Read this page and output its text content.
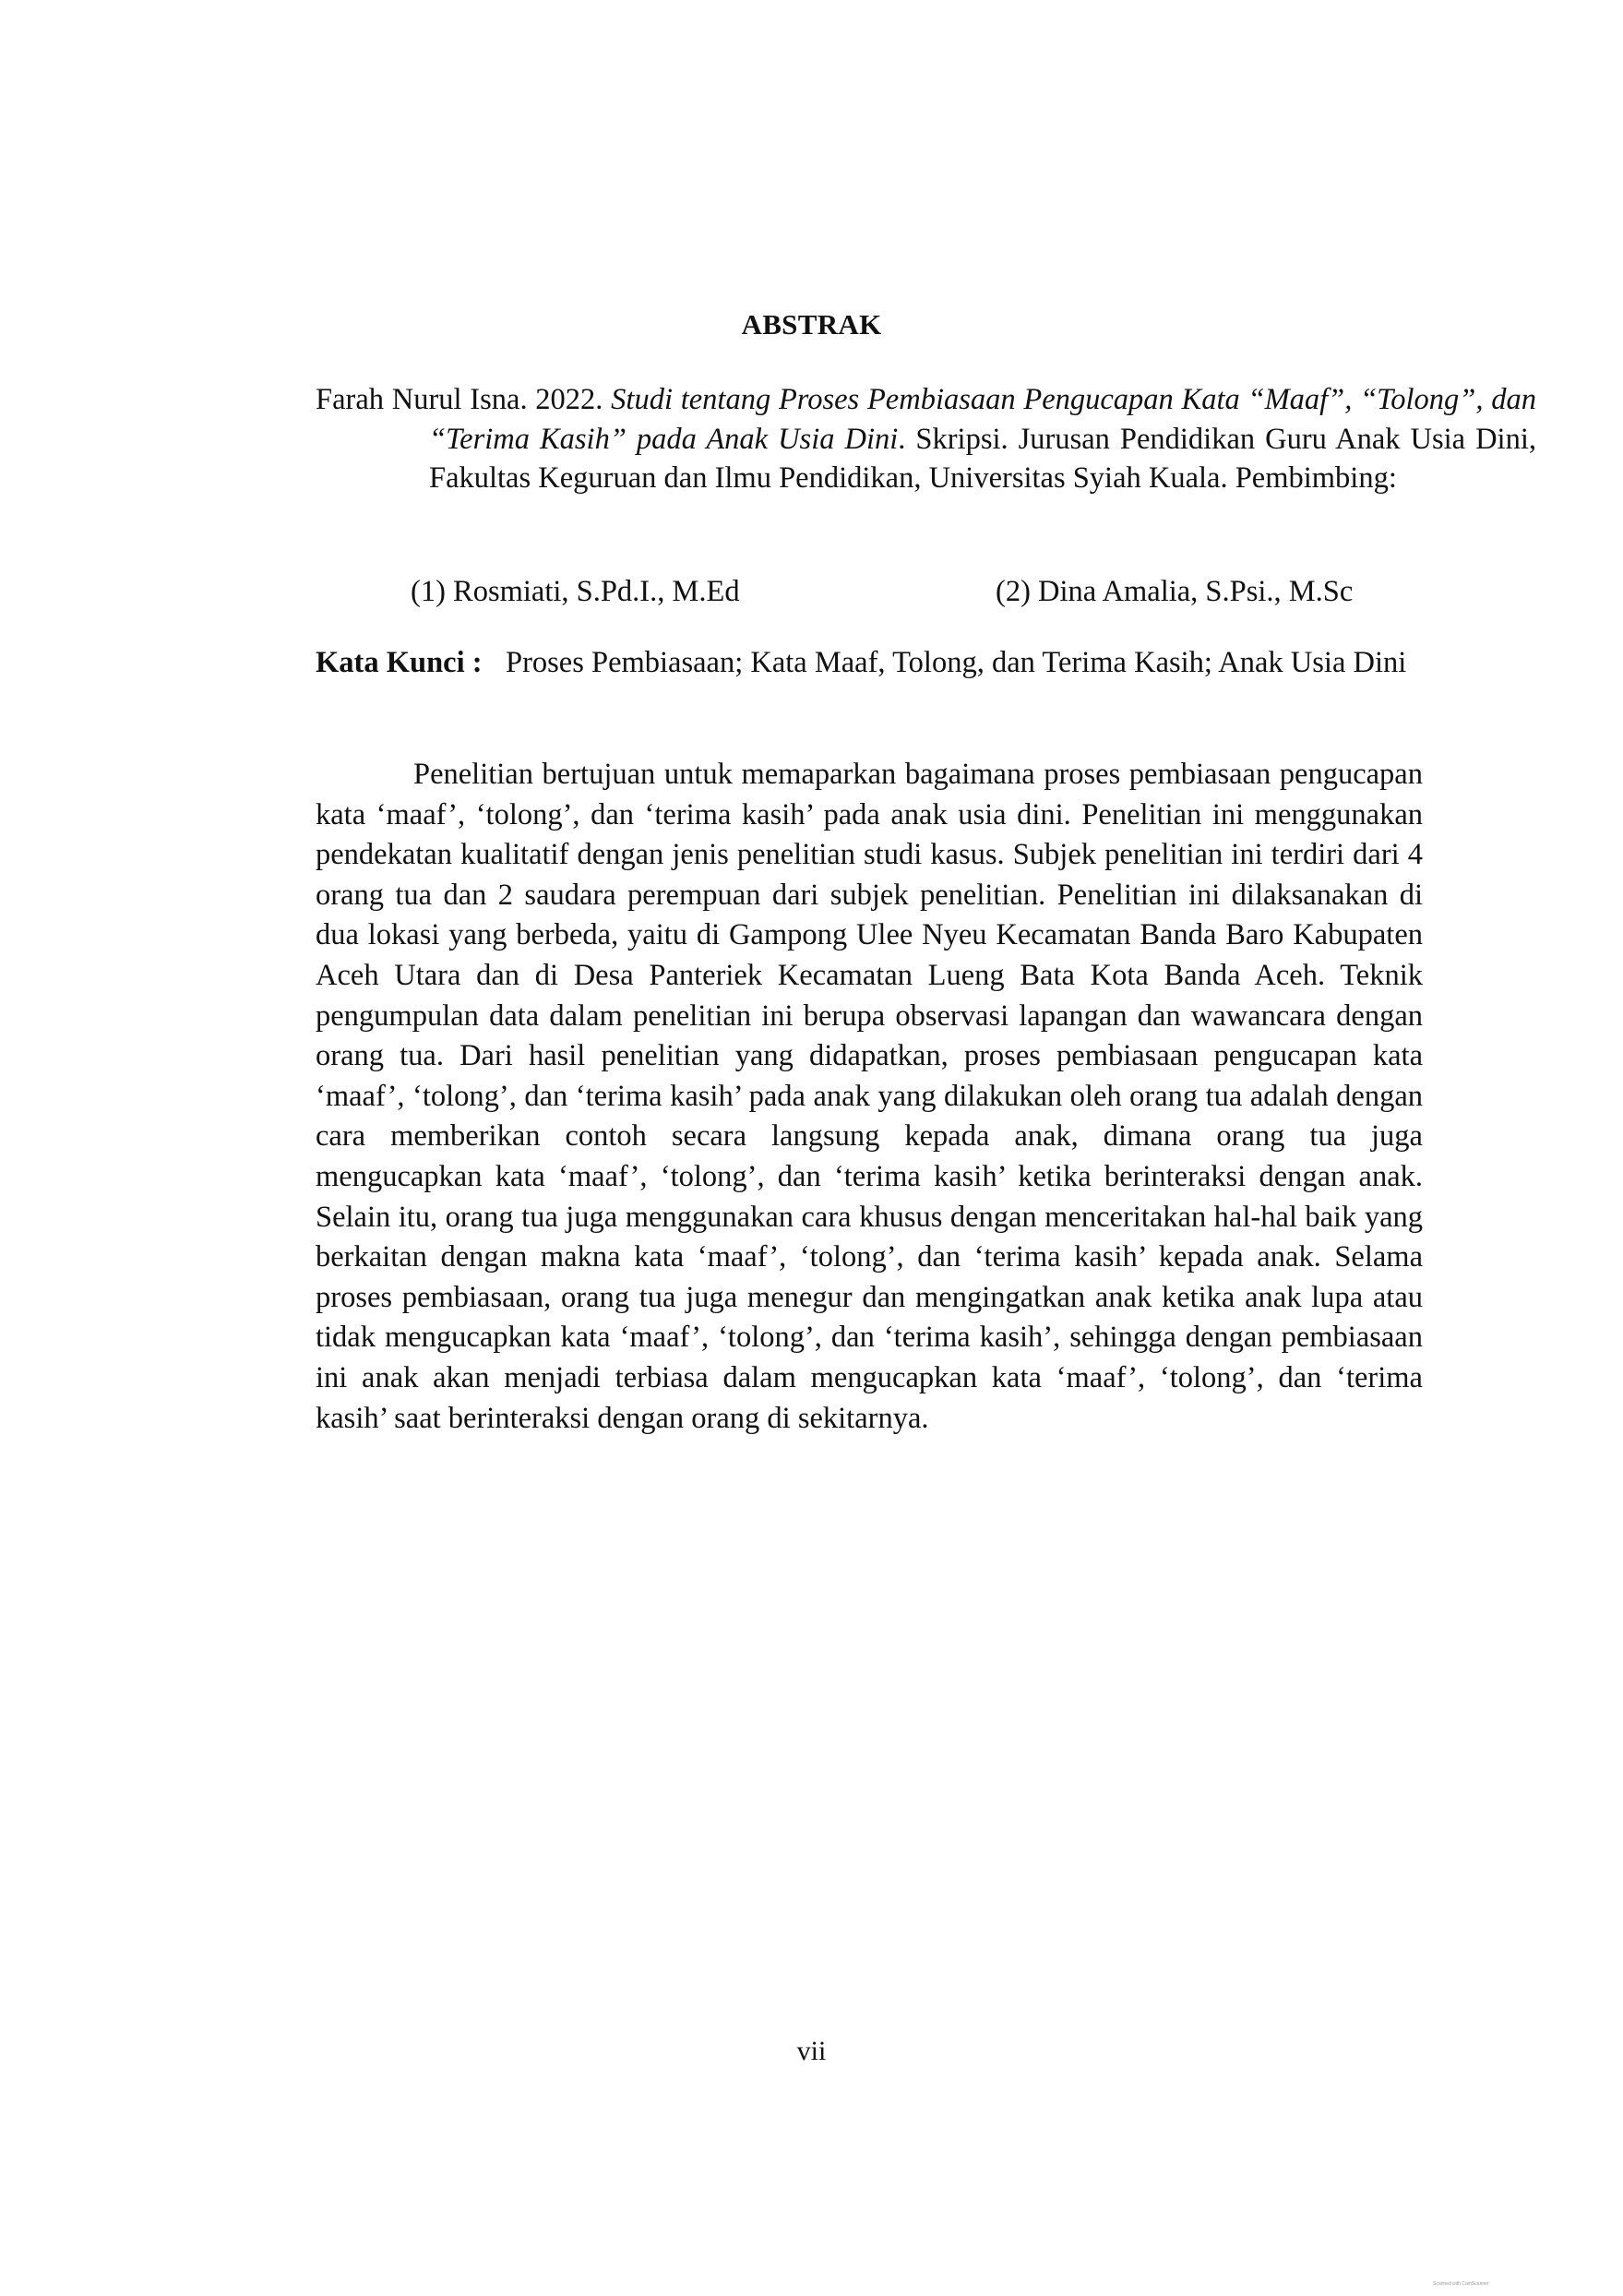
ABSTRAK
Farah Nurul Isna. 2022. Studi tentang Proses Pembiasaan Pengucapan Kata “Maaf”, “Tolong”, dan “Terima Kasih” pada Anak Usia Dini. Skripsi. Jurusan Pendidikan Guru Anak Usia Dini, Fakultas Keguruan dan Ilmu Pendidikan, Universitas Syiah Kuala. Pembimbing:
(1) Rosmiati, S.Pd.I., M.Ed	(2) Dina Amalia, S.Psi., M.Sc
Kata Kunci : Proses Pembiasaan; Kata Maaf, Tolong, dan Terima Kasih; Anak Usia Dini

Penelitian bertujuan untuk memaparkan bagaimana proses pembiasaan pengucapan kata ‘maaf’, ‘tolong’, dan ‘terima kasih’ pada anak usia dini. Penelitian ini menggunakan pendekatan kualitatif dengan jenis penelitian studi kasus. Subjek penelitian ini terdiri dari 4 orang tua dan 2 saudara perempuan dari subjek penelitian. Penelitian ini dilaksanakan di dua lokasi yang berbeda, yaitu di Gampong Ulee Nyeu Kecamatan Banda Baro Kabupaten Aceh Utara dan di Desa Panteriek Kecamatan Lueng Bata Kota Banda Aceh. Teknik pengumpulan data dalam penelitian ini berupa observasi lapangan dan wawancara dengan orang tua. Dari hasil penelitian yang didapatkan, proses pembiasaan pengucapan kata ‘maaf’, ‘tolong’, dan ‘terima kasih’ pada anak yang dilakukan oleh orang tua adalah dengan cara memberikan contoh secara langsung kepada anak, dimana orang tua juga mengucapkan kata ‘maaf’, ‘tolong’, dan ‘terima kasih’ ketika berinteraksi dengan anak. Selain itu, orang tua juga menggunakan cara khusus dengan menceritakan hal-hal baik yang berkaitan dengan makna kata ‘maaf’, ‘tolong’, dan ‘terima kasih’ kepada anak. Selama proses pembiasaan, orang tua juga menegur dan mengingatkan anak ketika anak lupa atau tidak mengucapkan kata ‘maaf’, ‘tolong’, dan ‘terima kasih’, sehingga dengan pembiasaan ini anak akan menjadi terbiasa dalam mengucapkan kata ‘maaf’, ‘tolong’, dan ‘terima kasih’ saat berinteraksi dengan orang di sekitarnya.

vii
Scanned with CamScanner
